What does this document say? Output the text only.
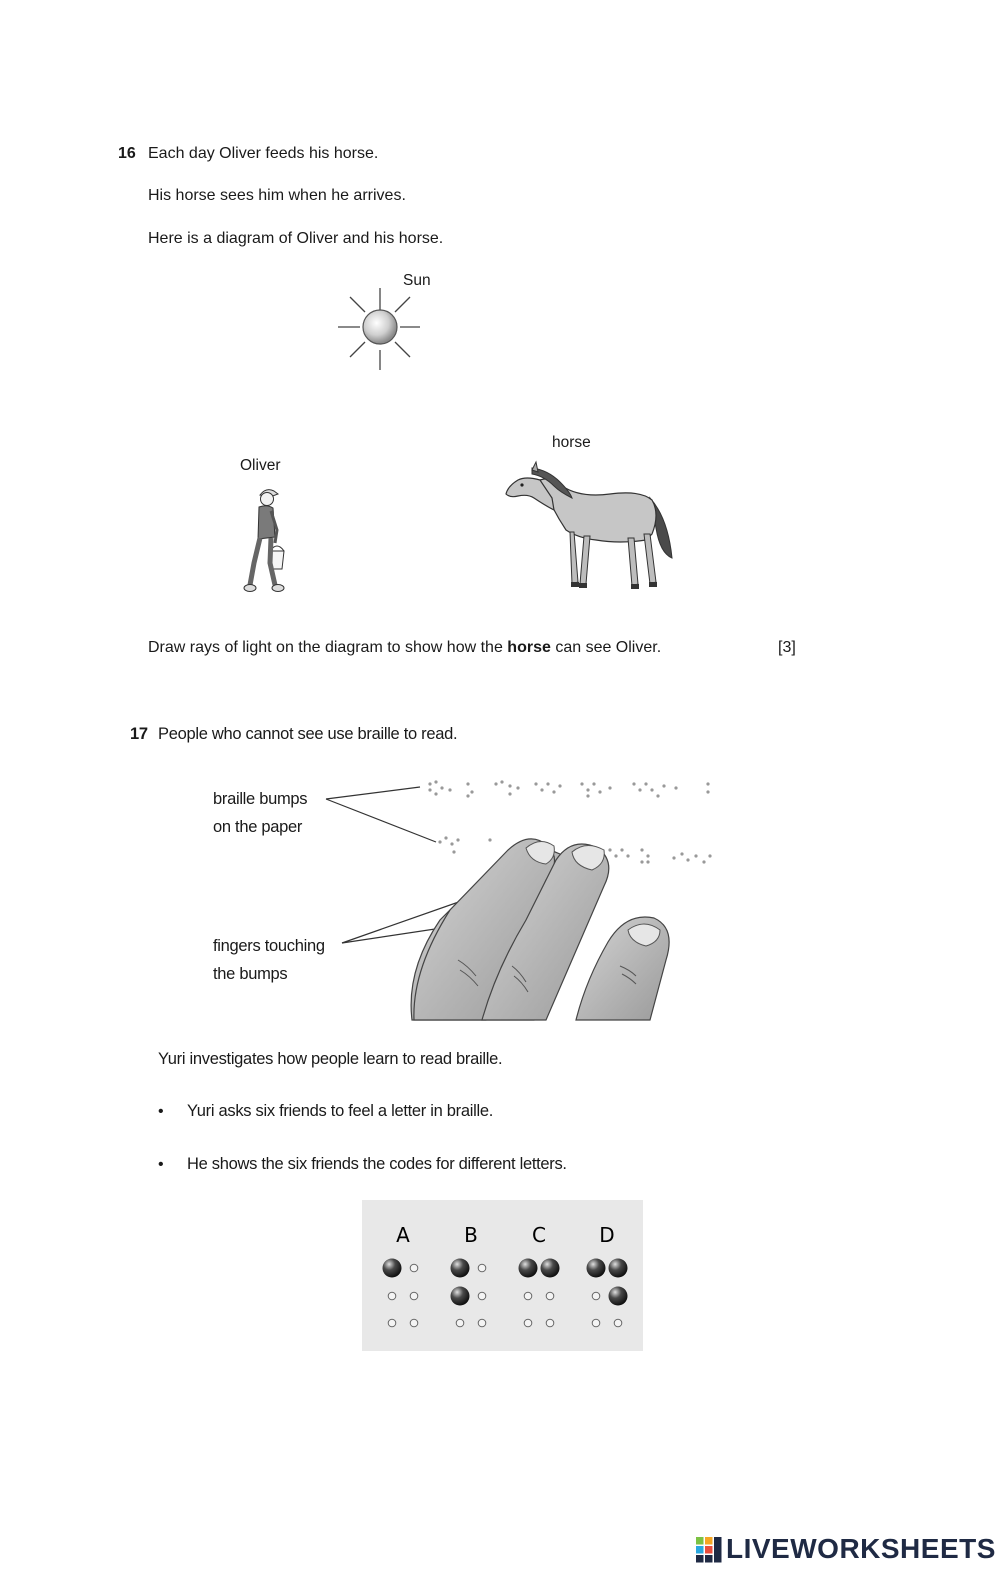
16 Each day Oliver feeds his horse.
His horse sees him when he arrives.
Here is a diagram of Oliver and his horse.
Sun
Oliver
horse
Draw rays of light on the diagram to show how the horse can see Oliver.	[3]
17 People who cannot see use braille to read.
braille bumps
on the paper
fingers touching
the bumps
Yuri investigates how people learn to read braille.
• Yuri asks six friends to feel a letter in braille.
• He shows the six friends the codes for different letters.
A	B	C	D
LIVEWORKSHEETS
